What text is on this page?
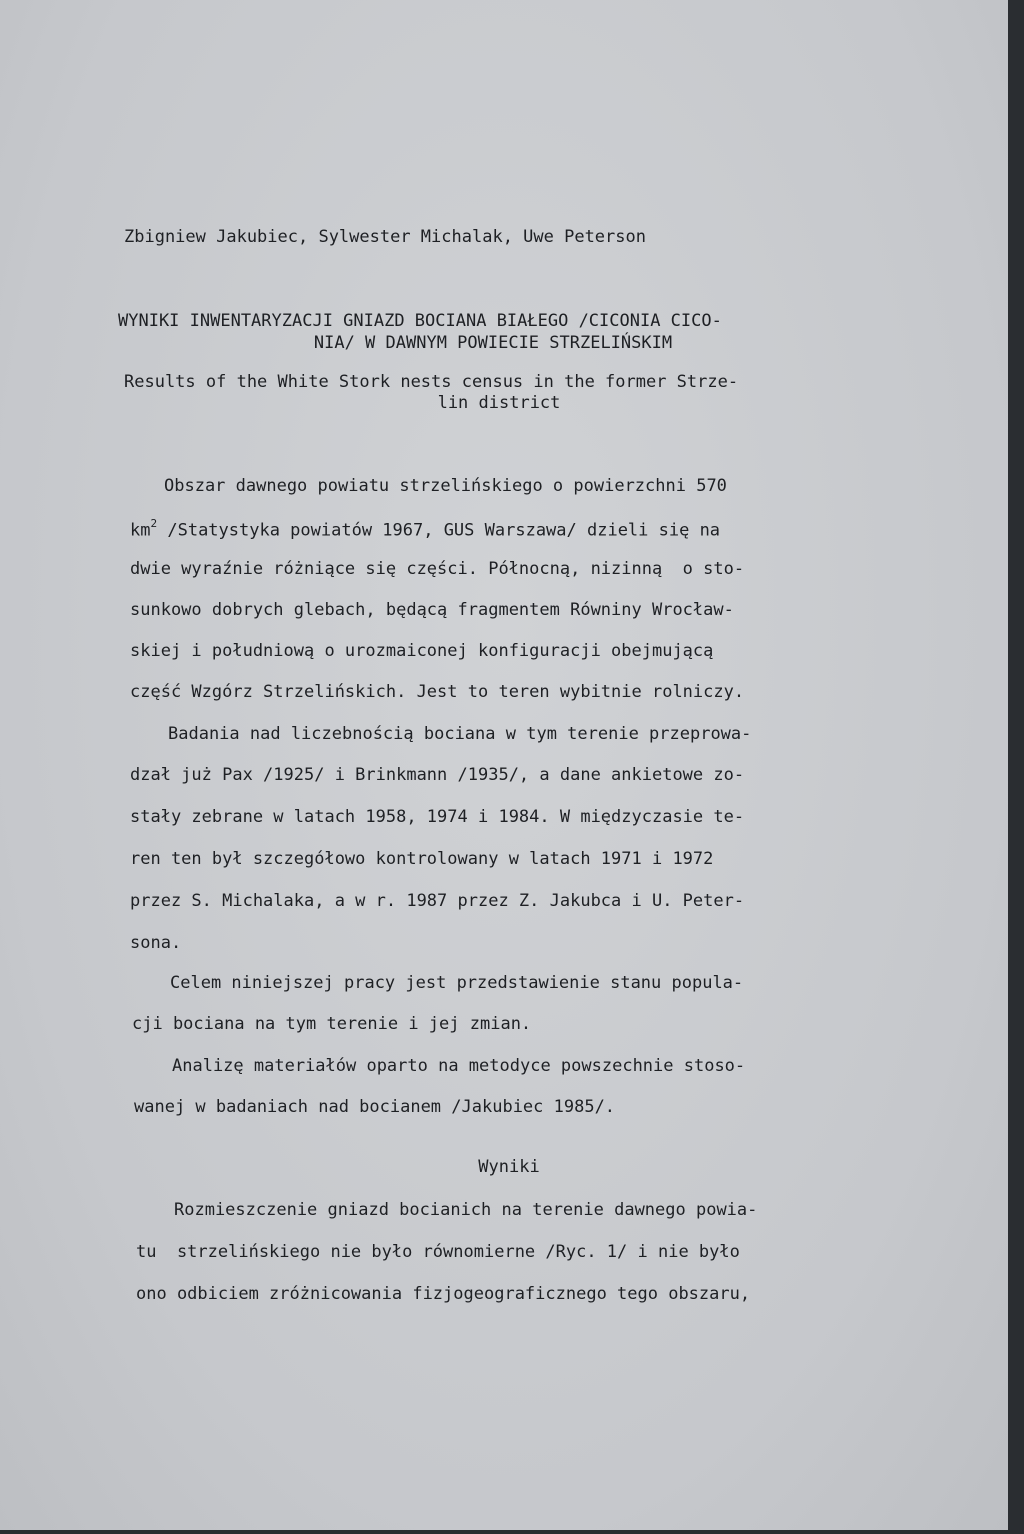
Zbigniew Jakubiec, Sylwester Michalak, Uwe Peterson
WYNIKI INWENTARYZACJI GNIAZD BOCIANA BIAŁEGO /CICONIA CICO-
NIA/ W DAWNYM POWIECIE STRZELIŃSKIM
Results of the White Stork nests census in the former Strze-
lin district
Obszar dawnego powiatu strzelińskiego o powierzchni 570
$km^2$ /Statystyka powiatów 1967, GUS Warszawa/ dzieli się na
dwie wyraźnie różniące się części. Północną, nizinną  o sto-
sunkowo dobrych glebach, będącą fragmentem Równiny Wrocław-
skiej i południową o urozmaiconej konfiguracji obejmującą
część Wzgórz Strzelińskich. Jest to teren wybitnie rolniczy.
Badania nad liczebnością bociana w tym terenie przeprowa-
dzał już Pax /1925/ i Brinkmann /1935/, a dane ankietowe zo-
stały zebrane w latach 1958, 1974 i 1984. W międzyczasie te-
ren ten był szczegółowo kontrolowany w latach 1971 i 1972
przez S. Michalaka, a w r. 1987 przez Z. Jakubca i U. Peter-
sona.
Celem niniejszej pracy jest przedstawienie stanu popula-
cji bociana na tym terenie i jej zmian.
Analizę materiałów oparto na metodyce powszechnie stoso-
wanej w badaniach nad bocianem /Jakubiec 1985/.
Wyniki
Rozmieszczenie gniazd bocianich na terenie dawnego powia-
tu  strzelińskiego nie było równomierne /Ryc. 1/ i nie było
ono odbiciem zróżnicowania fizjogeograficznego tego obszaru,
